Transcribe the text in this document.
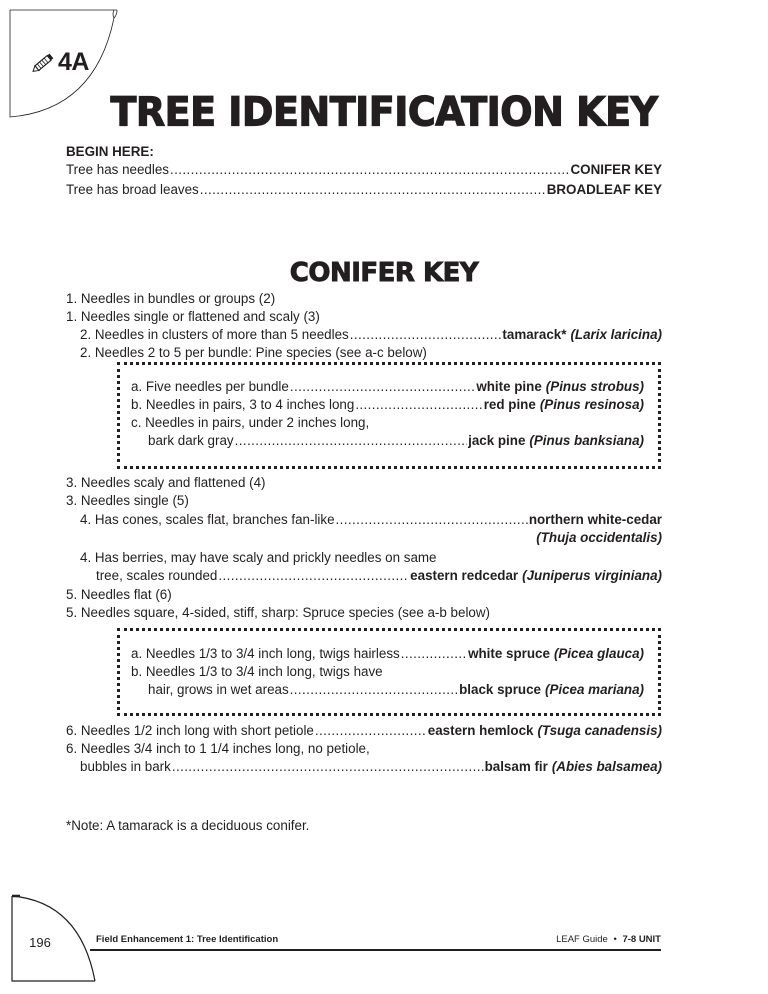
4A
TREE IDENTIFICATION KEY
BEGIN HERE:
Tree has needles .....	CONIFER KEY
Tree has broad leaves .....	BROADLEAF KEY
CONIFER KEY
1. Needles in bundles or groups (2)
1. Needles single or flattened and scaly (3)
2. Needles in clusters of more than 5 needles .....	tamarack* (Larix laricina)
2. Needles 2 to 5 per bundle: Pine species (see a-c below)
a. Five needles per bundle .....	white pine (Pinus strobus)
b. Needles in pairs, 3 to 4 inches long .....	red pine (Pinus resinosa)
c. Needles in pairs, under 2 inches long,
bark dark gray .....	jack pine (Pinus banksiana)
3. Needles scaly and flattened (4)
3. Needles single (5)
4. Has cones, scales flat, branches fan-like .....	northern white-cedar
(Thuja occidentalis)
4. Has berries, may have scaly and prickly needles on same
tree, scales rounded .....	eastern redcedar (Juniperus virginiana)
5. Needles flat (6)
5. Needles square, 4-sided, stiff, sharp: Spruce species (see a-b below)
a. Needles 1/3 to 3/4 inch long, twigs hairless .....	white spruce (Picea glauca)
b. Needles 1/3 to 3/4 inch long, twigs have
hair, grows in wet areas .....	black spruce (Picea mariana)
6. Needles 1/2 inch long with short petiole .....	eastern hemlock (Tsuga canadensis)
6. Needles 3/4 inch to 1 1/4 inches long, no petiole,
bubbles in bark .....	balsam fir (Abies balsamea)
*Note: A tamarack is a deciduous conifer.
196	Field Enhancement 1: Tree Identification	LEAF Guide • 7-8 UNIT
